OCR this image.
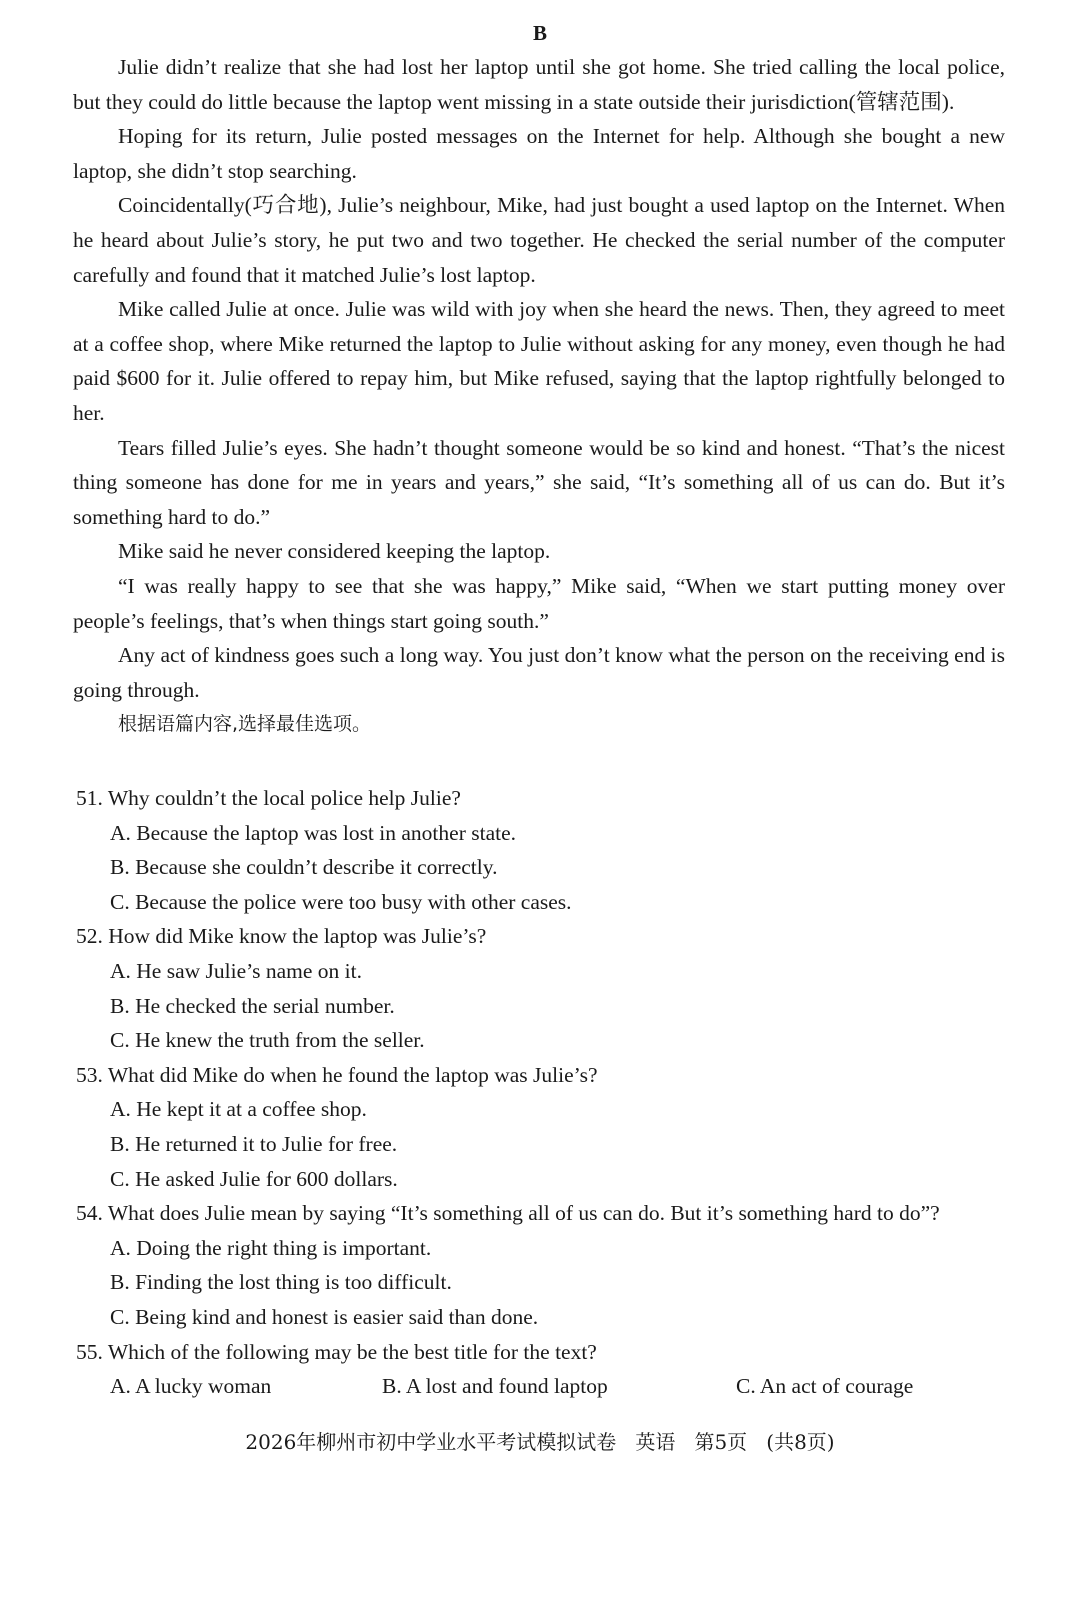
B

Julie didn’t realize that she had lost her laptop until she got home. She tried calling the local police, but they could do little because the laptop went missing in a state outside their jurisdiction(管辖范围).

Hoping for its return, Julie posted messages on the Internet for help. Although she bought a new laptop, she didn’t stop searching.

Coincidentally(巧合地), Julie’s neighbour, Mike, had just bought a used laptop on the Internet. When he heard about Julie’s story, he put two and two together. He checked the serial number of the computer carefully and found that it matched Julie’s lost laptop.

Mike called Julie at once. Julie was wild with joy when she heard the news. Then, they agreed to meet at a coffee shop, where Mike returned the laptop to Julie without asking for any money, even though he had paid $600 for it. Julie offered to repay him, but Mike refused, saying that the laptop rightfully belonged to her.

Tears filled Julie’s eyes. She hadn’t thought someone would be so kind and honest. “That’s the nicest thing someone has done for me in years and years,” she said, “It’s something all of us can do. But it’s something hard to do.”

Mike said he never considered keeping the laptop.

“I was really happy to see that she was happy,” Mike said, “When we start putting money over people’s feelings, that’s when things start going south.”

Any act of kindness goes such a long way. You just don’t know what the person on the receiving end is going through.

根据语篇内容,选择最佳选项。

51. Why couldn’t the local police help Julie?
A. Because the laptop was lost in another state.
B. Because she couldn’t describe it correctly.
C. Because the police were too busy with other cases.
52. How did Mike know the laptop was Julie’s?
A. He saw Julie’s name on it.
B. He checked the serial number.
C. He knew the truth from the seller.
53. What did Mike do when he found the laptop was Julie’s?
A. He kept it at a coffee shop.
B. He returned it to Julie for free.
C. He asked Julie for 600 dollars.
54. What does Julie mean by saying “It’s something all of us can do. But it’s something hard to do”?
A. Doing the right thing is important.
B. Finding the lost thing is too difficult.
C. Being kind and honest is easier said than done.
55. Which of the following may be the best title for the text?
A. A lucky woman	B. A lost and found laptop	C. An act of courage
2026年柳州市初中学业水平考试模拟试卷 英语 第5页 (共8页)
